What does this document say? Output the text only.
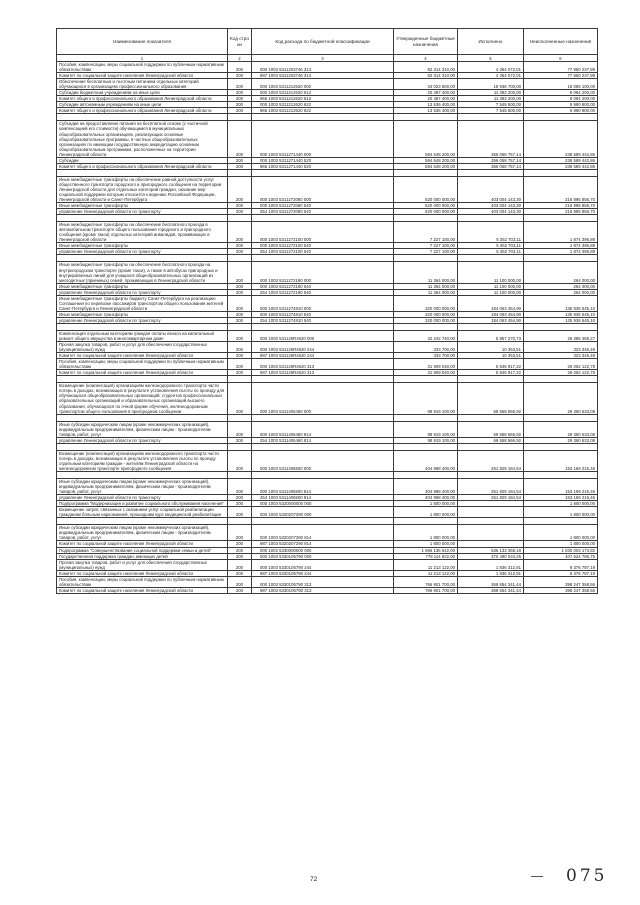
Наименование показателя	Код стро ки	Код расхода по бюджетной классификации	Утвержденные бюджетные назначения	Исполнено	Неисполненные назначения
1	2	3	4	5	6
Пособия, компенсации, меры социальной поддержки по публичным нормативным обязательствам	200	000 1003 5311203746 313	82 314 310,00	4 364 072,01	77 950 237,99
Комитет по социальной защите населения Ленинградской области	200	987 1003 5311203746 313	82 314 310,00	4 364 072,01	77 950 237,99
Обеспечение бесплатным и льготным питанием отдельных категорий обучающихся в организациях профессионального образования	200	000 1003 5311212620 000	34 023 800,00	18 938 700,00	15 085 100,00
Субсидии бюджетным учреждениям на иные цели	200	000 1003 5311212620 612	20 487 400,00	11 393 200,00	9 094 200,00
Комитет общего и профессионального образования Ленинградской области	200	966 1003 5311212620 612	20 487 400,00	11 393 200,00	9 094 200,00
Субсидии автономным учреждениям на иные цели	200	000 1003 5311212620 622	13 536 400,00	7 545 500,00	5 990 900,00
Комитет общего и профессионального образования Ленинградской области	200	966 1003 5311212620 622	13 536 400,00	7 545 500,00	5 990 900,00

Субсидии на предоставление питания на бесплатной основе (с частичной компенсацией его стоимости) обучающимся в муниципальных общеобразовательных организациях, реализующих основные общеобразовательные программы, в частных общеобразовательных организациях по имеющим государственную аккредитацию основным общеобразовательным программам, расположенных на территории Ленинградской области	200	000 1003 5311271440 000	594 648 200,00	356 058 757,14	238 589 442,86
Субсидии	200	000 1003 5311271440 520	594 648 200,00	356 058 757,14	238 589 442,86
Комитет общего и профессионального образования Ленинградской области	200	966 1003 5311271440 520	594 648 200,00	356 058 757,14	238 589 442,86

Иные межбюджетные трансферты на обеспечение равной доступности услуг общественного транспорта городского и пригородного сообщения на территории Ленинградской области для отдельных категорий граждан, оказание мер социальной поддержки которым относится к ведению Российской Федерации, Ленинградской области и Санкт-Петербурга	200	000 1003 5311272080 000	620 000 000,00	403 004 143,30	216 995 856,70
Иные межбюджетные трансферты	200	000 1003 5311272080 540	620 000 000,00	403 004 143,30	216 995 856,70
управление Ленинградской области по транспорту	200	254 1003 5311272080 540	620 000 000,00	403 004 143,30	216 995 856,70

Иные межбюджетные трансферты на обеспечение бесплатного проезда в автомобильном транспорте общего пользования городского и пригородного сообщения (кроме такси) отдельных категорий инвалидов, проживающих в Ленинградской области	200	000 1003 5311272100 000	7 227 100,00	5 352 703,11	1 874 396,89
Иные межбюджетные трансферты	200	000 1003 5311272100 540	7 227 100,00	5 352 703,11	1 874 396,89
управление Ленинградской области по транспорту	200	254 1003 5311272100 540	7 227 100,00	5 352 703,11	1 874 396,89

Иные межбюджетные трансферты на обеспечение бесплатного проезда на внутригородском транспорте (кроме такси), а также в автобусах пригородных и внутрирайонных линий для учащихся общеобразовательных организаций из многодетных (приемных) семей, проживающих в Ленинградской области	200	000 1003 5311272190 000	11 364 000,00	11 100 000,00	264 000,00
Иные межбюджетные трансферты	200	000 1003 5311272190 540	11 364 000,00	11 100 000,00	264 000,00
управление Ленинградской области по транспорту	200	254 1003 5311272190 540	11 364 000,00	11 100 000,00	264 000,00
Иные межбюджетные трансферты бюджету Санкт-Петербурга на реализацию Соглашения по перевозке пассажиров транспортом общего пользования жителей Санкт-Петербурга и Ленинградской области	200	000 1003 5311274810 000	320 000 000,00	184 063 454,90	135 936 545,10
Иные межбюджетные трансферты	200	000 1003 5311274810 540	320 000 000,00	184 063 454,90	135 936 545,10
управление Ленинградской области по транспорту	200	254 1003 5311274810 540	320 000 000,00	184 063 454,90	135 936 545,10

Компенсация отдельным категориям граждан оплаты взноса на капитальный ремонт общего имущества в многоквартирном доме	200	000 1003 531126R4620 000	32 242 740,00	5 857 270,73	26 385 469,27
Прочая закупка товаров, работ и услуг для обеспечения государственных (муниципальных) нужд	200	000 1003 531126R4620 244	333 700,00	10 353,51	323 346,49
Комитет по социальной защите населения Ленинградской области	200	987 1003 531126R4620 244	333 700,00	10 353,51	323 346,49
Пособия, компенсации, меры социальной поддержки по публичным нормативным обязательствам	200	000 1003 531126R4620 313	31 909 040,00	5 846 917,22	26 062 122,78
Комитет по социальной защите населения Ленинградской области	200	987 1003 531126R4620 313	31 909 040,00	5 846 917,22	26 062 122,78

Возмещение (компенсация) организациям железнодорожного транспорта части потерь в доходах, возникающих в результате установления льготы по проезду для обучающихся общеобразовательных организаций, студентов профессиональных образовательных организаций и образовательных организаций высшего образования, обучающихся по очной форме обучения, железнодорожным транспортом общего пользования в пригородном сообщении	200	000 1003 5311406460 000	98 919 100,00	69 558 566,92	29 360 533,08

Иные субсидии юридическим лицам (кроме некоммерческих организаций), индивидуальным предпринимателям, физическим лицам - производителям товаров, работ, услуг	200	000 1003 5311406460 814	98 919 100,00	69 558 566,92	29 360 533,08
управление Ленинградской области по транспорту	200	254 1003 5311406460 814	98 919 100,00	69 558 566,92	29 360 533,08

Возмещение (компенсация) организациям железнодорожного транспорта части потерь в доходах, возникающих в результате установления льготы по проезду отдельным категориям граждан - жителям Ленинградской области на железнодорожном транспорте пригородного сообщения	200	000 1003 5311406500 000	404 998 400,00	251 829 184,54	153 169 215,46

Иные субсидии юридическим лицам (кроме некоммерческих организаций), индивидуальным предпринимателям, физическим лицам - производителям товаров, работ, услуг	200	000 1003 5311406500 814	404 998 400,00	251 829 184,54	153 169 215,46
управление Ленинградской области по транспорту	200	254 1003 5311406500 814	404 998 400,00	251 829 184,54	153 169 215,46
Подпрограмма "Модернизация и развитие социального обслуживания населения"	200	000 1003 5320000000 000	1 800 000,00		1 800 000,00
Возмещение затрат, связанных с оказанием услуг социальной реабилитации гражданам больным наркоманией, прошедшим курс медицинской реабилитации	200	000 1003 5320207290 000	1 800 000,00		1 800 000,00

Иные субсидии юридическим лицам (кроме некоммерческих организаций), индивидуальным предпринимателям, физическим лицам - производителям товаров, работ, услуг	200	000 1003 5320207290 814	1 800 000,00		1 800 000,00
Комитет по социальной защите населения Ленинградской области	200	987 1003 5320207290 814	1 800 000,00		1 800 000,00
Подпрограмма "Совершенствование социальной поддержки семьи и детей"	200	000 1003 5330000000 000	1 666 136 542,00	636 133 368,18	1 030 003 173,82
Государственная поддержка граждан, имеющих детей	200	000 1003 5330105790 000	778 114 822,00	370 490 034,25	407 624 785,75
Прочая закупка товаров, работ и услуг для обеспечения государственных (муниципальных) нужд	200	000 1003 5330105790 244	11 213 122,00	1 836 312,81	9 376 787,19
Комитет по социальной защите населения Ленинградской области	200	987 1003 5330105790 244	11 213 122,00	1 836 312,81	9 376 787,19
Пособия, компенсации, меры социальной поддержки по публичным нормативным обязательствам	200	000 1003 5330105790 313	766 901 700,00	368 654 341,44	398 247 358,56
Комитет по социальной защите населения Ленинградской области	200	987 1003 5330105790 313	766 901 700,00	368 654 341,44	398 247 358,56
72	075
